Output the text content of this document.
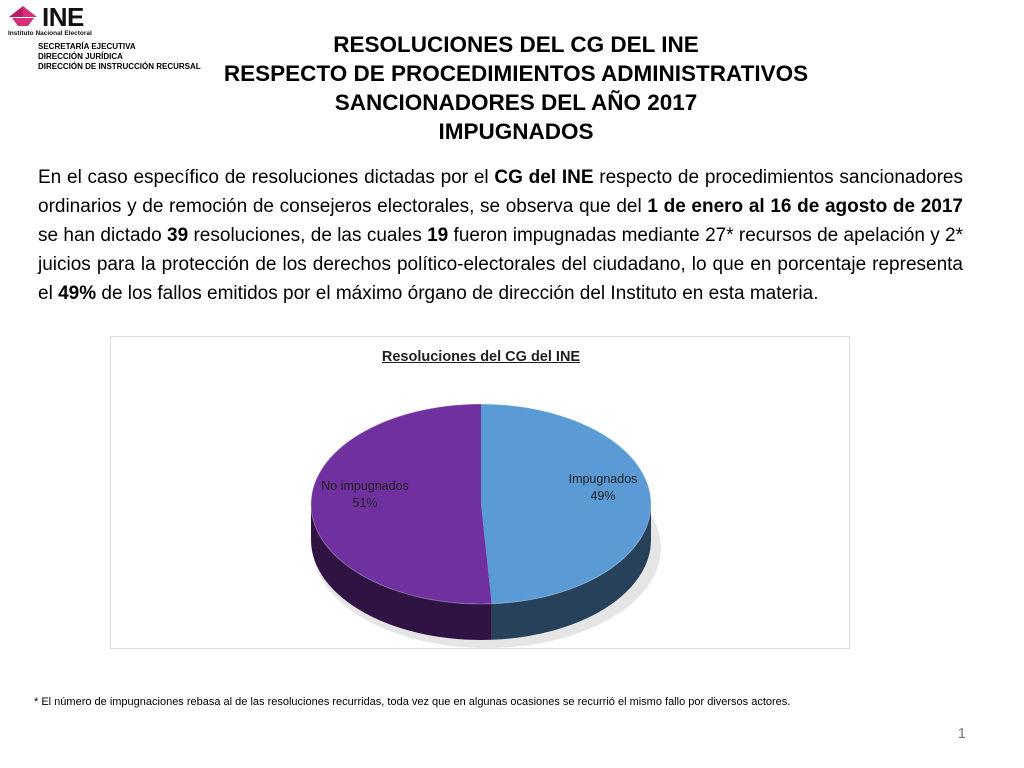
INE
Instituto Nacional Electoral
SECRETARÍA EJECUTIVA
DIRECCIÓN JURÍDICA
DIRECCIÓN DE INSTRUCCIÓN RECURSAL
RESOLUCIONES DEL CG DEL INE
RESPECTO DE PROCEDIMIENTOS ADMINISTRATIVOS
SANCIONADORES DEL AÑO 2017
IMPUGNADOS
En el caso específico de resoluciones dictadas por el CG del INE respecto de procedimientos sancionadores ordinarios y de remoción de consejeros electorales, se observa que del 1 de enero al 16 de agosto de 2017 se han dictado 39 resoluciones, de las cuales 19 fueron impugnadas mediante 27* recursos de apelación y 2* juicios para la protección de los derechos político-electorales del ciudadano, lo que en porcentaje representa el 49% de los fallos emitidos por el máximo órgano de dirección del Instituto en esta materia.
Resoluciones del CG del INE
Impugnados
49%
No impugnados
51%
* El número de impugnaciones rebasa al de las resoluciones recurridas, toda vez que en algunas ocasiones se recurrió el mismo fallo por diversos actores.
1
